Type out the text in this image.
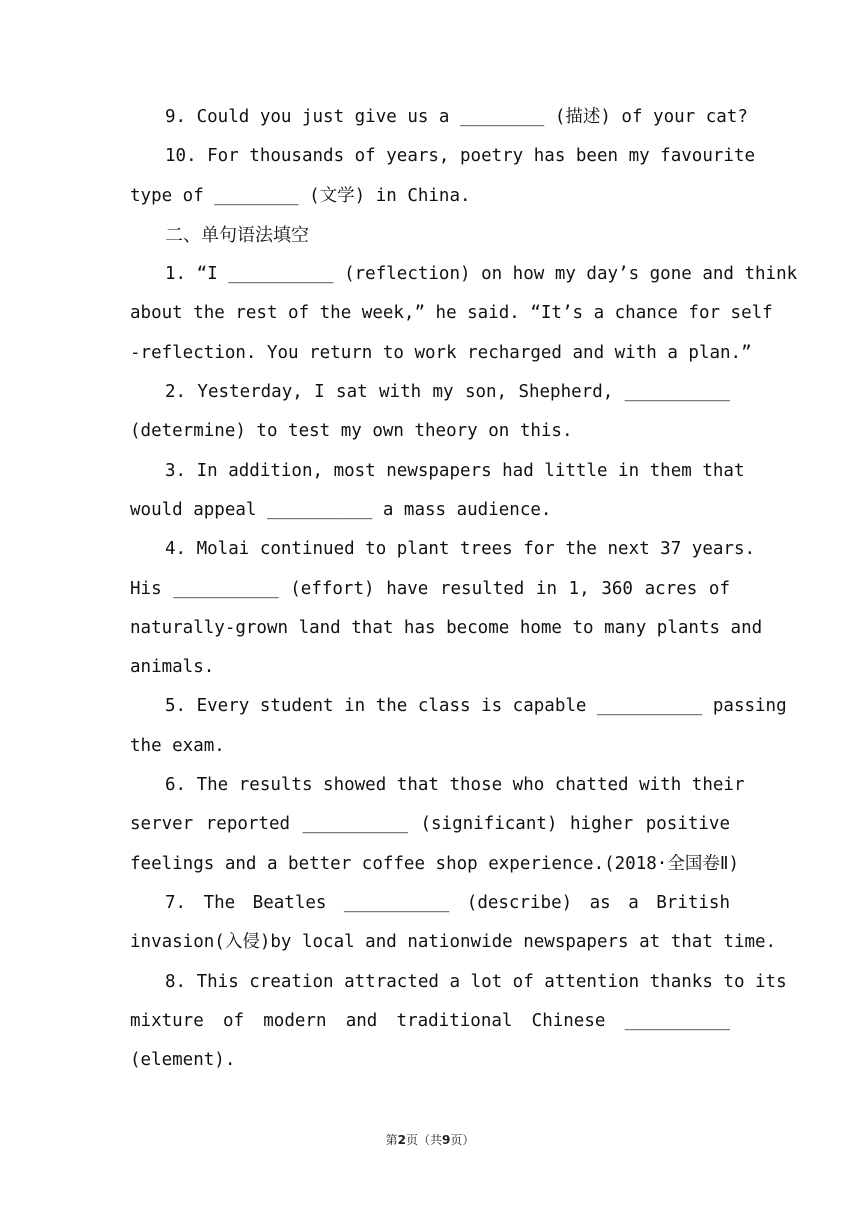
9. Could you just give us a ________ (描述) of your cat?
10. For thousands of years, poetry has been my favourite
type of ________ (文学) in China.
二、单句语法填空
1. “I __________ (reflection) on how my day’s gone and think
about the rest of the week,” he said. “It’s a chance for self
-reflection. You return to work recharged and with a plan.”
2. Yesterday, I sat with my son, Shepherd, __________
(determine) to test my own theory on this.
3. In addition, most newspapers had little in them that
would appeal __________ a mass audience.
4. Molai continued to plant trees for the next 37 years.
His __________ (effort) have resulted in 1, 360 acres of
naturally-grown land that has become home to many plants and
animals.
5. Every student in the class is capable __________ passing
the exam.
6. The results showed that those who chatted with their
server reported __________ (significant) higher positive
feelings and a better coffee shop experience.(2018·全国卷Ⅱ)
7. The Beatles __________ (describe) as a British
invasion(入侵)by local and nationwide newspapers at that time.
8. This creation attracted a lot of attention thanks to its
mixture of modern and traditional Chinese __________
(element).
第2页（共9页）
